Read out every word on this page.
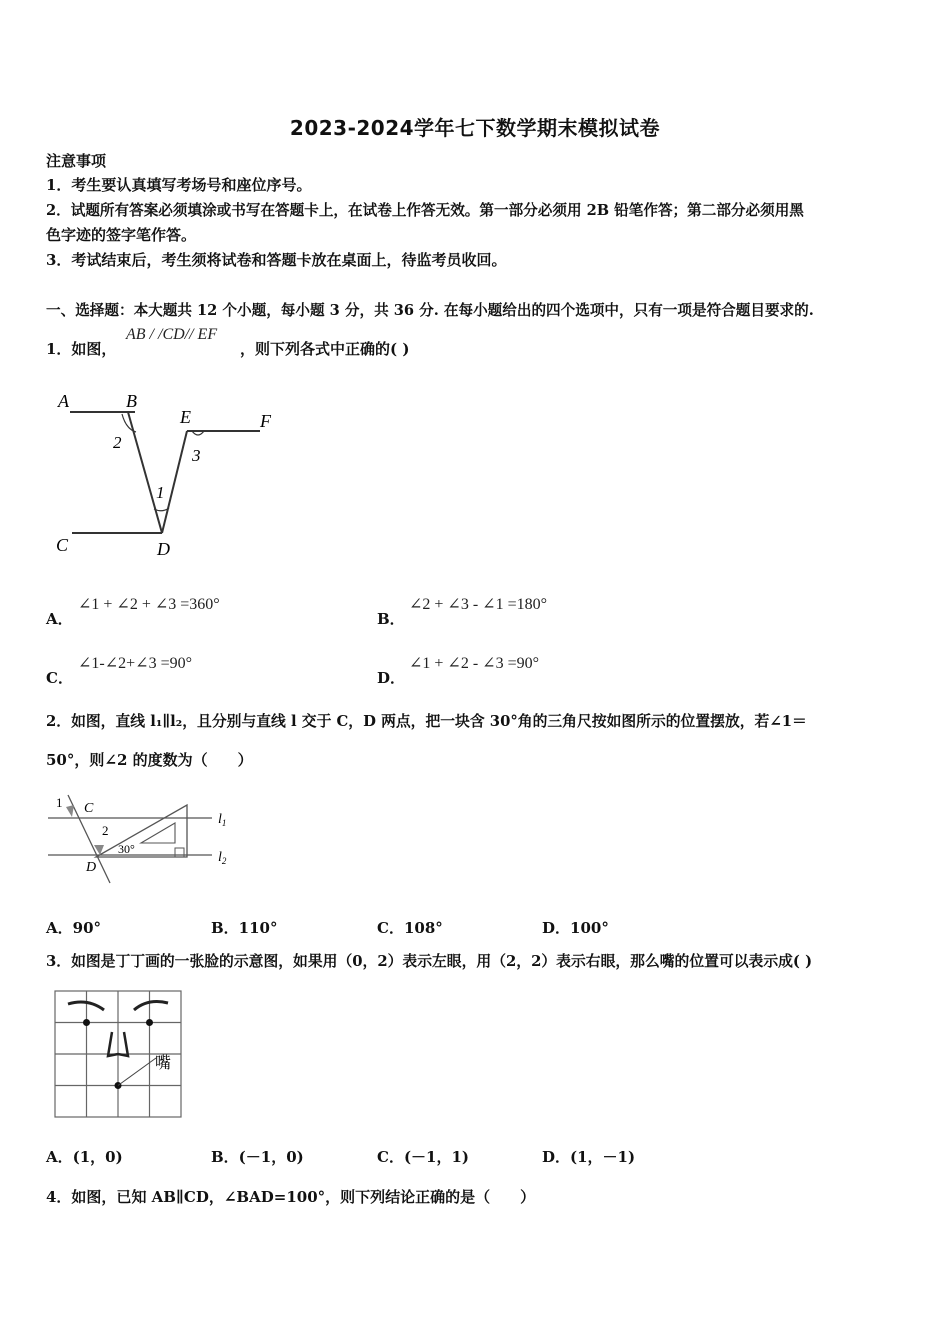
2023-2024学年七下数学期末模拟试卷
注意事项
1．考生要认真填写考场号和座位序号。
2．试题所有答案必须填涂或书写在答题卡上，在试卷上作答无效。第一部分必须用 2B 铅笔作答；第二部分必须用黑
色字迹的签字笔作答。
3．考试结束后，考生须将试卷和答题卡放在桌面上，待监考员收回。
一、选择题：本大题共 12 个小题，每小题 3 分，共 36 分. 在每小题给出的四个选项中，只有一项是符合题目要求的.
1．如图，
AB / /CD// EF
，则下列各式中正确的( )
A	B
E	F
C	D
2
1
3
A．
∠1 + ∠2 + ∠3 =360°
B．
∠2 + ∠3 - ∠1 =180°
C．
∠1-∠2+∠3 =90°
D．
∠1 + ∠2 - ∠3 =90°
2．如图，直线 l₁∥l₂，且分别与直线 l 交于 C，D 两点，把一块含 30°角的三角尺按如图所示的位置摆放，若∠1＝
50°，则∠2 的度数为（　　）
1 C
2
D
30°
$l_1$
$l_2$
A．90°	B．110°	C．108°	D．100°
3．如图是丁丁画的一张脸的示意图，如果用（0，2）表示左眼，用（2，2）表示右眼，那么嘴的位置可以表示成( )
嘴
A．(1，0)	B．(－1，0)	C．(－1，1)	D．(1，－1)
4．如图，已知 AB∥CD，∠BAD=100°，则下列结论正确的是（　　）
